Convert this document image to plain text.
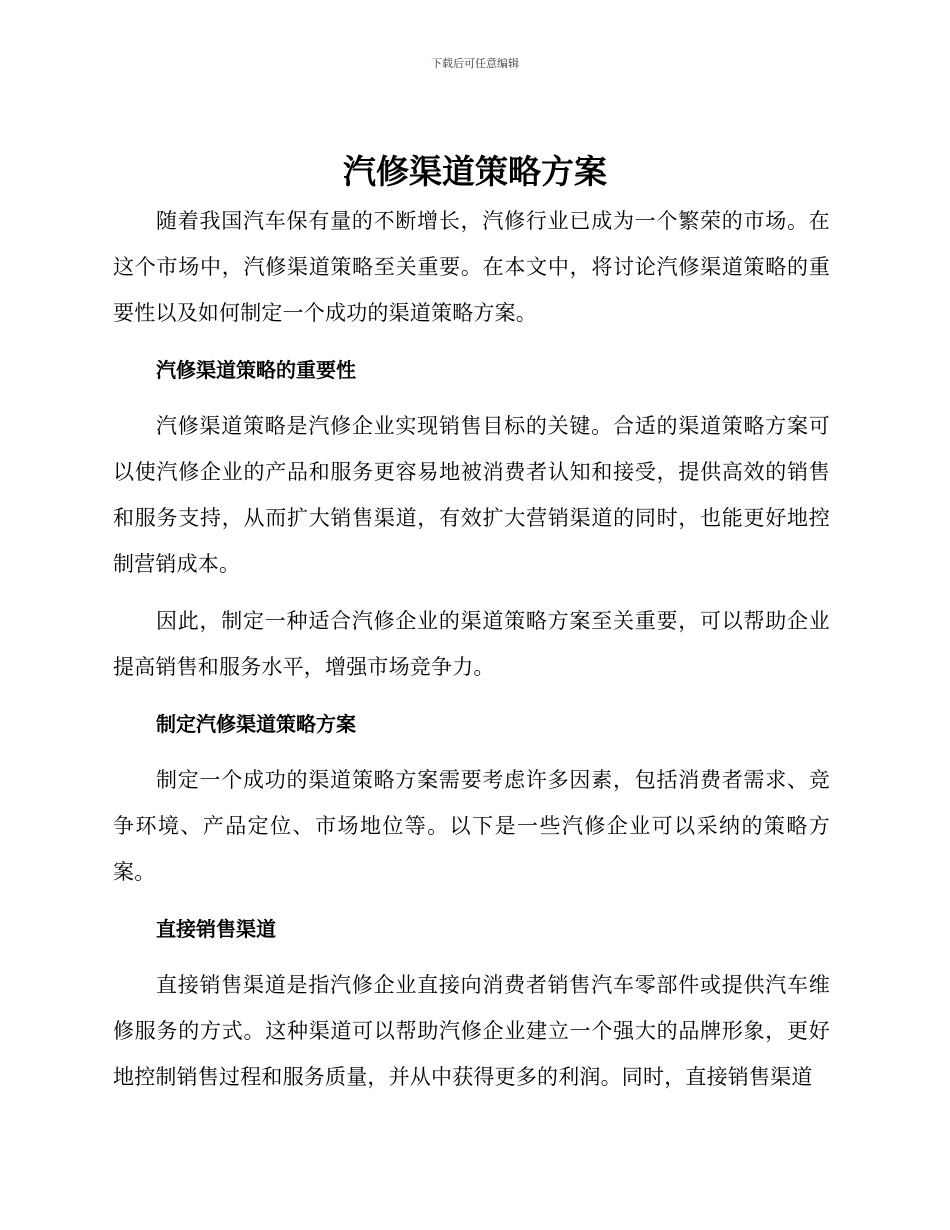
下载后可任意编辑

汽修渠道策略方案

随着我国汽车保有量的不断增长，汽修行业已成为一个繁荣的市场。在这个市场中，汽修渠道策略至关重要。在本文中，将讨论汽修渠道策略的重要性以及如何制定一个成功的渠道策略方案。

汽修渠道策略的重要性

汽修渠道策略是汽修企业实现销售目标的关键。合适的渠道策略方案可以使汽修企业的产品和服务更容易地被消费者认知和接受，提供高效的销售和服务支持，从而扩大销售渠道，有效扩大营销渠道的同时，也能更好地控制营销成本。

因此，制定一种适合汽修企业的渠道策略方案至关重要，可以帮助企业提高销售和服务水平，增强市场竞争力。

制定汽修渠道策略方案

制定一个成功的渠道策略方案需要考虑许多因素，包括消费者需求、竞争环境、产品定位、市场地位等。以下是一些汽修企业可以采纳的策略方案。

直接销售渠道

直接销售渠道是指汽修企业直接向消费者销售汽车零部件或提供汽车维修服务的方式。这种渠道可以帮助汽修企业建立一个强大的品牌形象，更好地控制销售过程和服务质量，并从中获得更多的利润。同时，直接销售渠道
